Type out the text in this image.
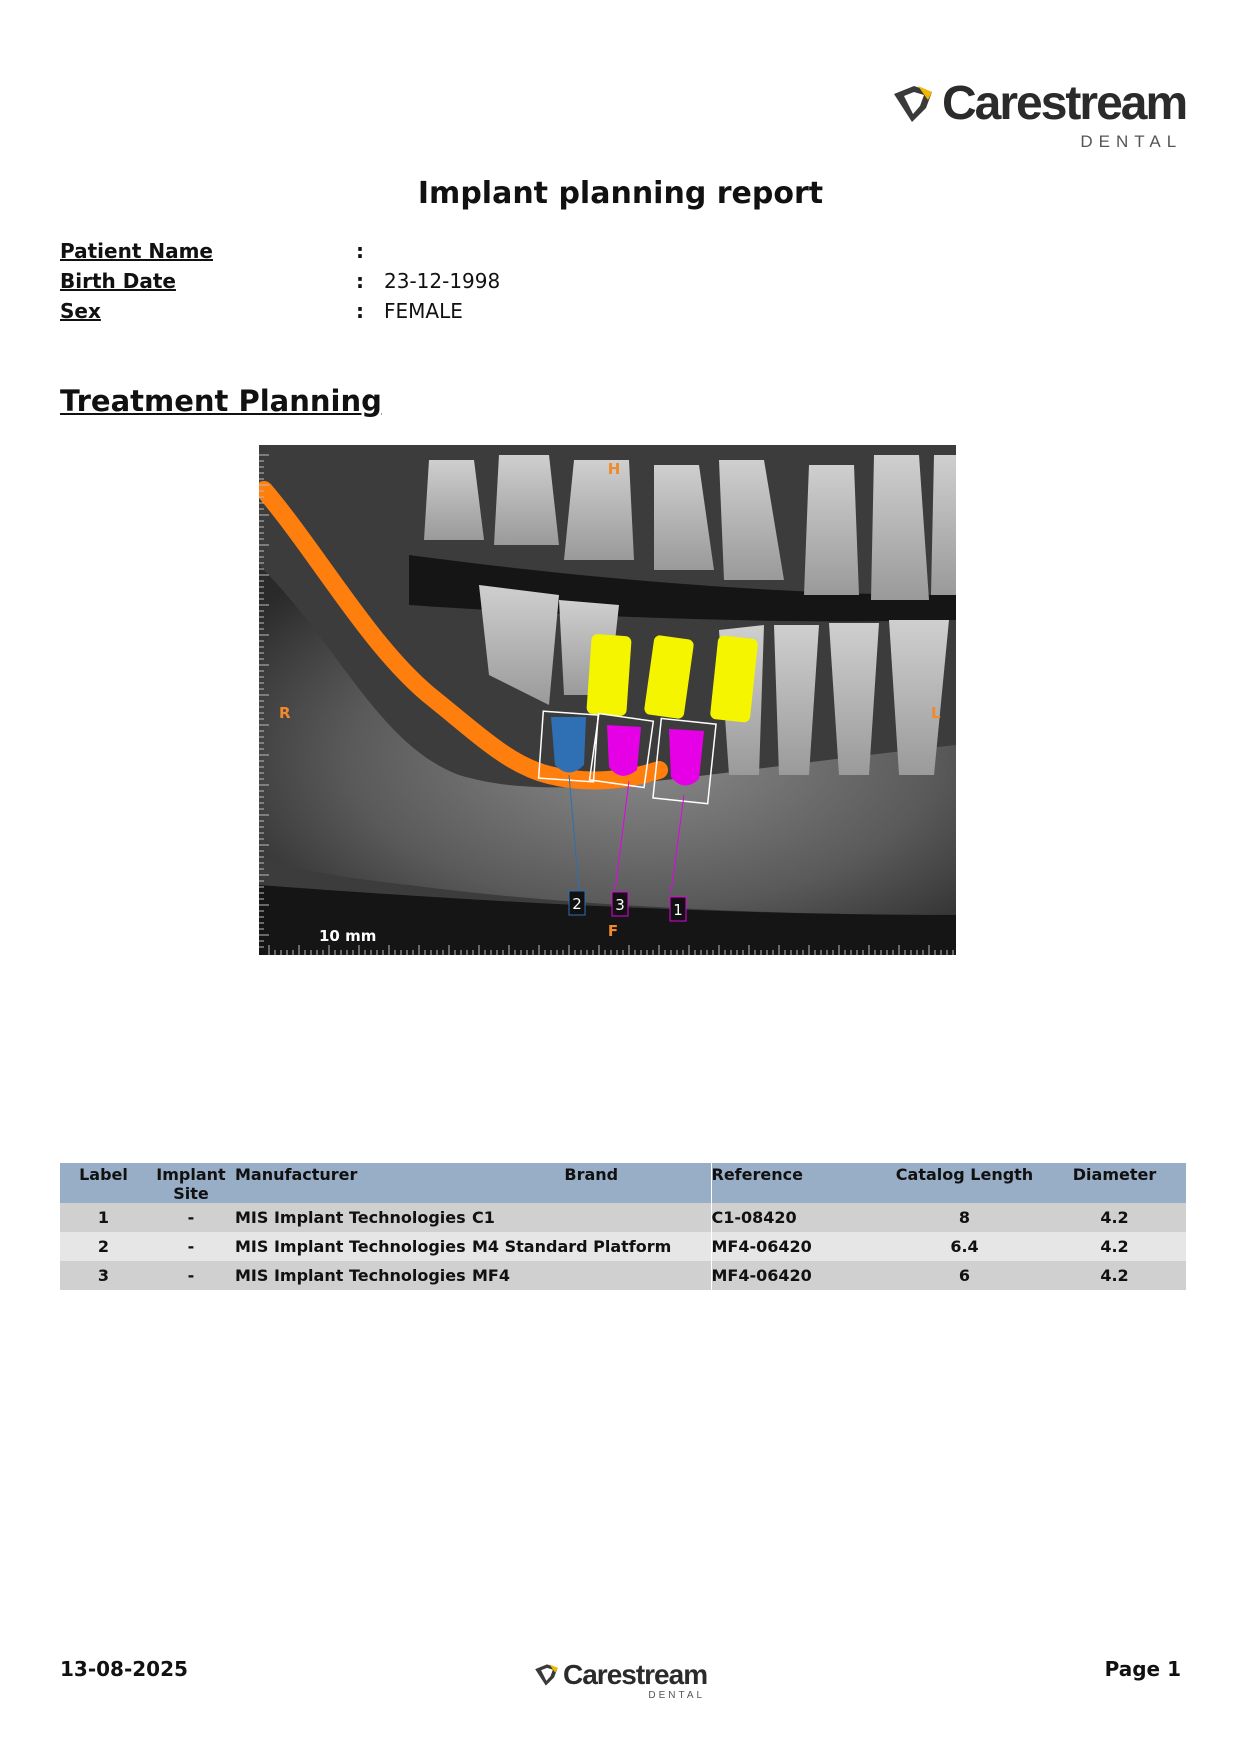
Carestream
DENTAL
Implant planning report
Patient Name	:
Birth Date	:	23-12-1998
Sex	:	FEMALE
Treatment Planning
2 3	1
H
F
R	L
10 mm
Label	Implant Site	Manufacturer	Brand	Reference	Catalog Length	Diameter
1	-	MIS Implant Technologies	C1	C1-08420	8	4.2
2	-	MIS Implant Technologies	M4 Standard Platform	MF4-06420	6.4	4.2
3	-	MIS Implant Technologies	MF4	MF4-06420	6	4.2
13-08-2025	Carestream
DENTAL
Page 1
